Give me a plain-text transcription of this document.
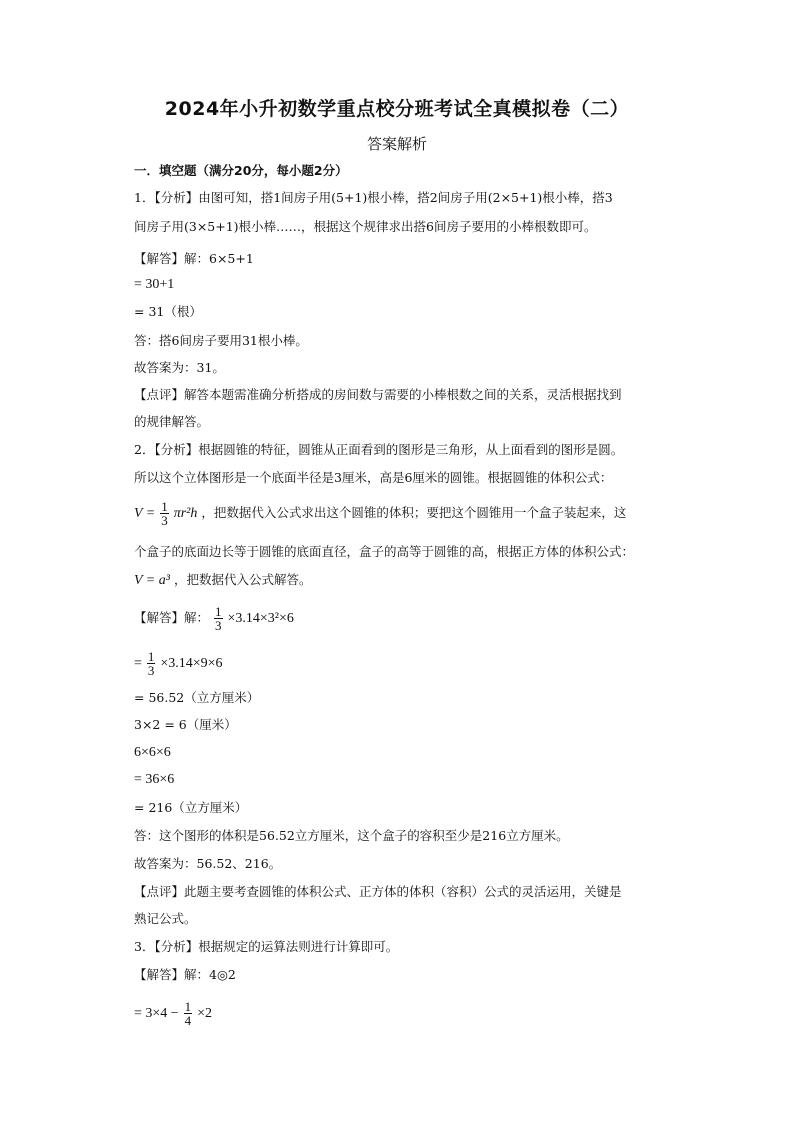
2024年小升初数学重点校分班考试全真模拟卷（二）
答案解析
一．填空题（满分20分，每小题2分）
1．【分析】由图可知，搭1间房子用(5+1)根小棒，搭2间房子用(2×5+1)根小棒，搭3
间房子用(3×5+1)根小棒……，根据这个规律求出搭6间房子要用的小棒根数即可。
【解答】解：6×5+1
= 30+1
= 31（根）
答：搭6间房子要用31根小棒。
故答案为：31。
【点评】解答本题需准确分析搭成的房间数与需要的小棒根数之间的关系，灵活根据找到
的规律解答。
2．【分析】根据圆锥的特征，圆锥从正面看到的图形是三角形，从上面看到的图形是圆。
所以这个立体图形是一个底面半径是3厘米，高是6厘米的圆锥。根据圆锥的体积公式：
$V = \frac{1}{3} \pi r^2h$ ，把数据代入公式求出这个圆锥的体积；要把这个圆锥用一个盒子装起来，这
个盒子的底面边长等于圆锥的底面直径，盒子的高等于圆锥的高，根据正方体的体积公式：
V = a³ ，把数据代入公式解答。
【解答】解： $\frac{1}{3} \times 3.14\times 3^2\times 6$
= $\frac{1}{3} \times 3.14\times 9\times 6$
= 56.52（立方厘米）
3×2 = 6（厘米）
6×6×6
= 36×6
= 216（立方厘米）
答：这个图形的体积是56.52立方厘米，这个盒子的容积至少是216立方厘米。
故答案为：56.52、216。
【点评】此题主要考查圆锥的体积公式、正方体的体积（容积）公式的灵活运用，关键是
熟记公式。
3．【分析】根据规定的运算法则进行计算即可。
【解答】解：4◎2
= $3\times 4 - \frac{1}{4} \times 2$
